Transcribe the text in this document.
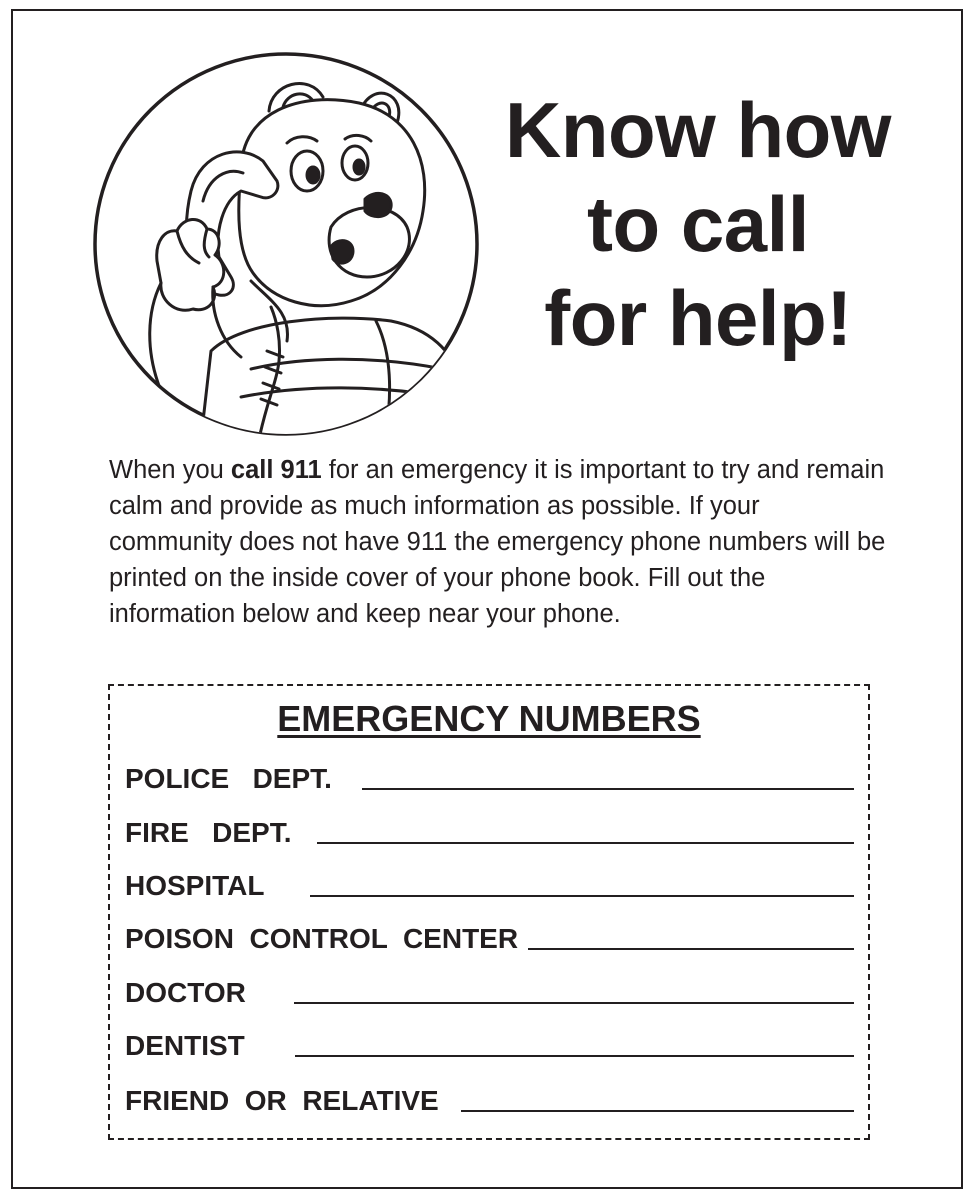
Know how
to call
for help!

When you call 911 for an emergency it is important to try and remain calm and provide as much information as possible. If your community does not have 911 the emergency phone numbers will be printed on the inside cover of your phone book. Fill out the information below and keep near your phone.

EMERGENCY NUMBERS
POLICE   DEPT.
FIRE   DEPT.
HOSPITAL
POISON  CONTROL  CENTER
DOCTOR
DENTIST
FRIEND  OR  RELATIVE
